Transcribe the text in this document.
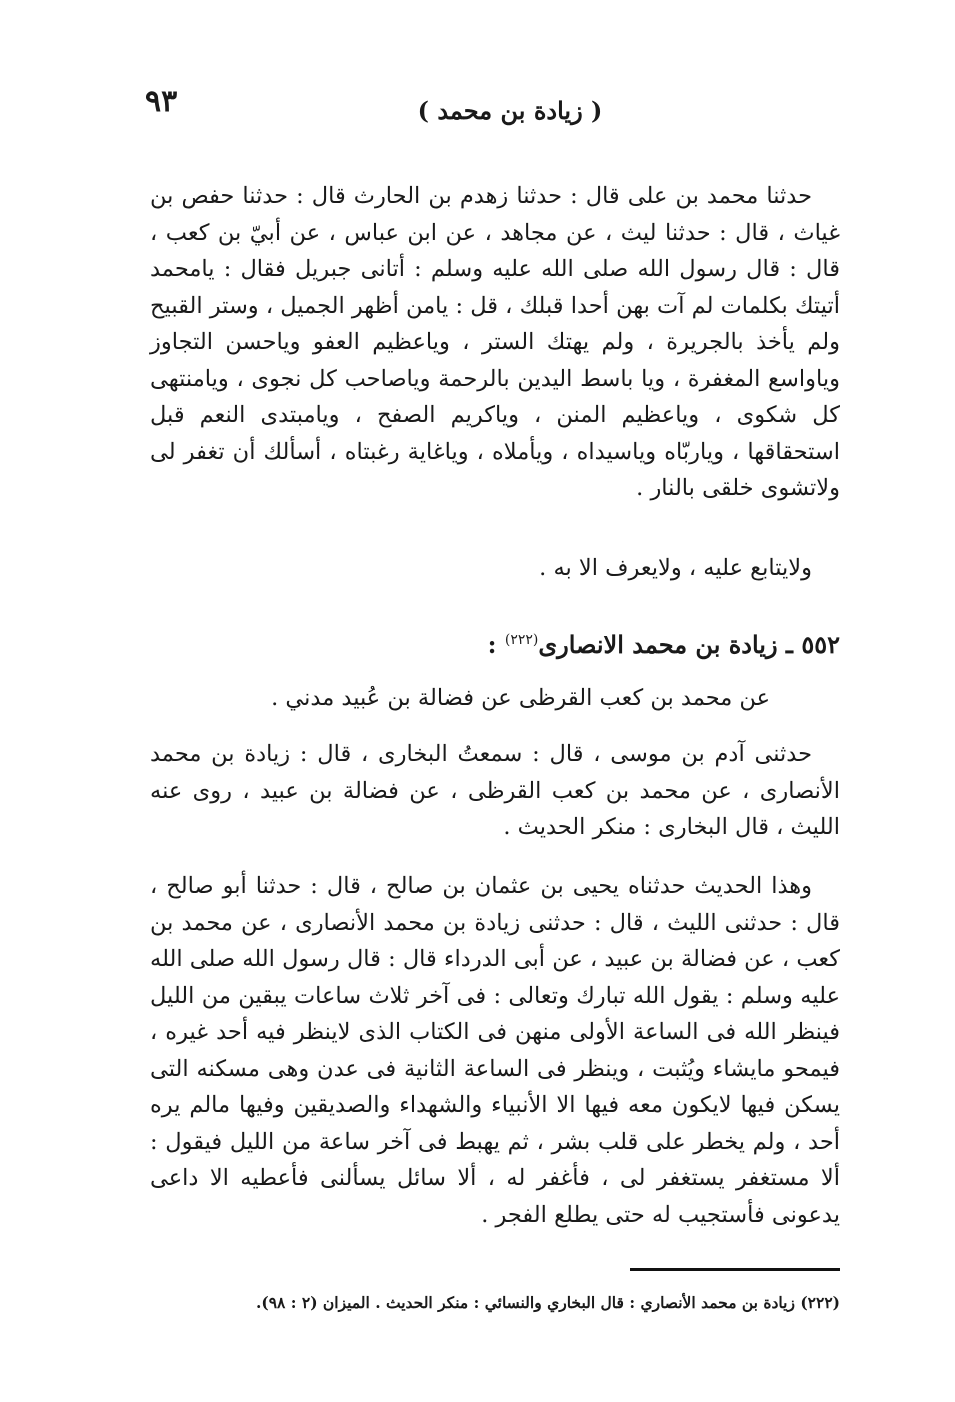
٩٣	( زيادة بن محمد )

حدثنا محمد بن على قال : حدثنا زهدم بن الحارث قال : حدثنا حفص بن غياث ، قال : حدثنا ليث ، عن مجاهد ، عن ابن عباس ، عن أبيّ بن كعب ، قال : قال رسول الله صلى الله عليه وسلم : أتانى جبريل فقال : يامحمد أتيتك بكلمات لم آت بهن أحدا قبلك ، قل : يامن أظهر الجميل ، وستر القبيح ولم يأخذ بالجريرة ، ولم يهتك الستر ، وياعظيم العفو وياحسن التجاوز وياواسع المغفرة ، ويا باسط اليدين بالرحمة وياصاحب كل نجوى ، ويامنتهى كل شكوى ، وياعظيم المنن ، وياكريم الصفح ، ويامبتدى النعم قبل استحقاقها ، وياربّاه وياسيداه ، ويأملاه ، وياغاية رغبتاه ، أسألك أن تغفر لى ولاتشوى خلقى بالنار .

ولايتابع عليه ، ولايعرف الا به .

٥٥٢ ـ زيادة بن محمد الانصارى$^{(٢٢٢)}$ :

عن محمد بن كعب القرظى عن فضالة بن عُبيد مدني .

حدثنى آدم بن موسى ، قال : سمعتُ البخارى ، قال : زيادة بن محمد الأنصارى ، عن محمد بن كعب القرظى ، عن فضالة بن عبيد ، روى عنه الليث ، قال البخارى : منكر الحديث .

وهذا الحديث حدثناه يحيى بن عثمان بن صالح ، قال : حدثنا أبو صالح ، قال : حدثنى الليث ، قال : حدثنى زيادة بن محمد الأنصارى ، عن محمد بن كعب ، عن فضالة بن عبيد ، عن أبى الدرداء قال : قال رسول الله صلى الله عليه وسلم : يقول الله تبارك وتعالى : فى آخر ثلاث ساعات يبقين من الليل فينظر الله فى الساعة الأولى منهن فى الكتاب الذى لاينظر فيه أحد غيره ، فيمحو مايشاء ويُثبت ، وينظر فى الساعة الثانية فى عدن وهى مسكنه التى يسكن فيها لايكون معه فيها الا الأنبياء والشهداء والصديقين وفيها مالم يره أحد ، ولم يخطر على قلب بشر ، ثم يهبط فى آخر ساعة من الليل فيقول : ألا مستغفر يستغفر لى ، فأغفر له ، ألا سائل يسألنى فأعطيه الا داعى يدعونى فأستجيب له حتى يطلع الفجر .

(٢٢٢) زيادة بن محمد الأنصاري : قال البخاري والنسائي : منكر الحديث . الميزان (٢ : ٩٨).
